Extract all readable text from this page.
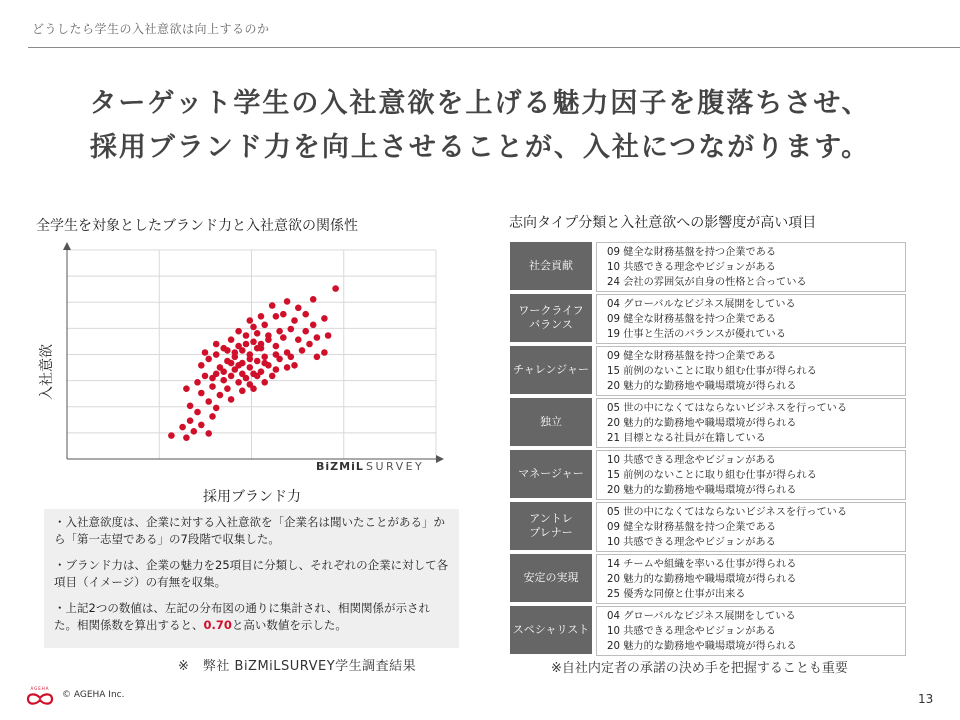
どうしたら学生の入社意欲は向上するのか
ターゲット学生の入社意欲を上げる魅力因子を腹落ちさせ、
採用ブランド力を向上させることが、入社につながります。
全学生を対象としたブランド力と入社意欲の関係性
入社意欲
採用ブランド力
BiZMiL SURVEY

・入社意欲度は、企業に対する入社意欲を「企業名は聞いたことがある」から「第一志望である」の7段階で収集した。

・ブランド力は、企業の魅力を25項目に分類し、それぞれの企業に対して各項目（イメージ）の有無を収集。

・上記2つの数値は、左記の分布図の通りに集計され、相関関係が示された。相関係数を算出すると、0.70と高い数値を示した。

※　弊社 BiZMiLSURVEY学生調査結果
志向タイプ分類と入社意欲への影響度が高い項目
社会貢献
09 健全な財務基盤を持つ企業である
10 共感できる理念やビジョンがある
24 会社の雰囲気が自身の性格と合っている
ワークライフ
バランス
04 グローバルなビジネス展開をしている
09 健全な財務基盤を持つ企業である
19 仕事と生活のバランスが優れている
チャレンジャー
09 健全な財務基盤を持つ企業である
15 前例のないことに取り組む仕事が得られる
20 魅力的な勤務地や職場環境が得られる
独立
05 世の中になくてはならないビジネスを行っている
20 魅力的な勤務地や職場環境が得られる
21 目標となる社員が在籍している
マネージャー
10 共感できる理念やビジョンがある
15 前例のないことに取り組む仕事が得られる
20 魅力的な勤務地や職場環境が得られる
アントレ
プレナー
05 世の中になくてはならないビジネスを行っている
09 健全な財務基盤を持つ企業である
10 共感できる理念やビジョンがある
安定の実現
14 チームや組織を率いる仕事が得られる
20 魅力的な勤務地や職場環境が得られる
25 優秀な同僚と仕事が出来る
スペシャリスト
04 グローバルなビジネス展開をしている
10 共感できる理念やビジョンがある
20 魅力的な勤務地や職場環境が得られる
※自社内定者の承諾の決め手を把握することも重要
AGEHA
© AGEHA Inc.	13
